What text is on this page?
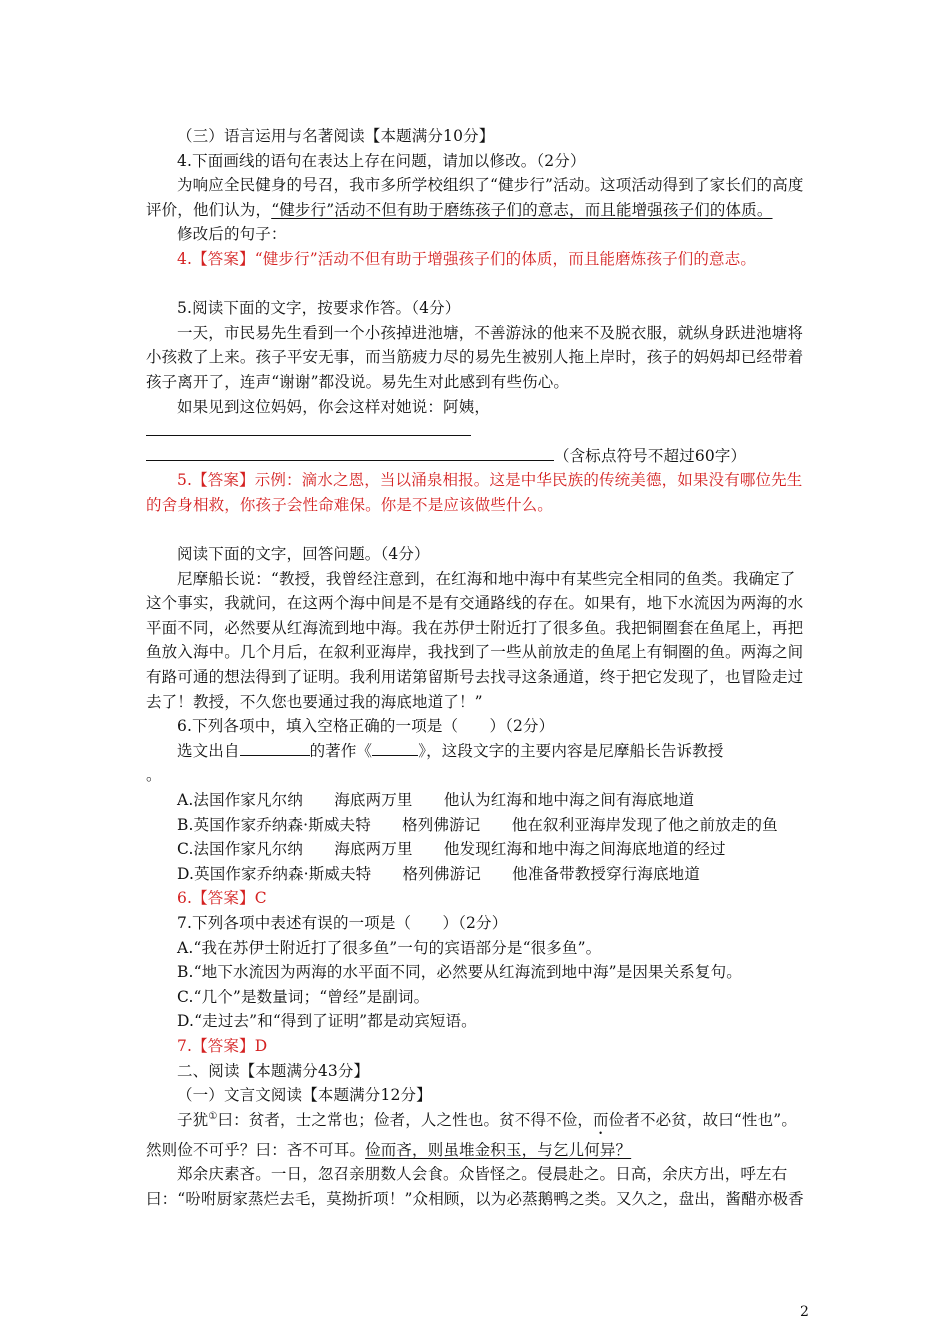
（三）语言运用与名著阅读【本题满分10分】

4.下面画线的语句在表达上存在问题，请加以修改。（2分）

为响应全民健身的号召，我市多所学校组织了“健步行”活动。这项活动得到了家长们的高度评价，他们认为，“健步行”活动不但有助于磨练孩子们的意志，而且能增强孩子们的体质。

修改后的句子：

4.【答案】“健步行”活动不但有助于增强孩子们的体质，而且能磨炼孩子们的意志。

5.阅读下面的文字，按要求作答。（4分）

一天，市民易先生看到一个小孩掉进池塘，不善游泳的他来不及脱衣服，就纵身跃进池塘将小孩救了上来。孩子平安无事，而当筋疲力尽的易先生被别人拖上岸时，孩子的妈妈却已经带着孩子离开了，连声“谢谢”都没说。易先生对此感到有些伤心。

如果见到这位妈妈，你会这样对她说：阿姨，

（含标点符号不超过60字）

5.【答案】示例：滴水之恩，当以涌泉相报。这是中华民族的传统美德，如果没有哪位先生的舍身相救，你孩子会性命难保。你是不是应该做些什么。

阅读下面的文字，回答问题。（4分）

尼摩船长说：“教授，我曾经注意到，在红海和地中海中有某些完全相同的鱼类。我确定了这个事实，我就问，在这两个海中间是不是有交通路线的存在。如果有，地下水流因为两海的水平面不同，必然要从红海流到地中海。我在苏伊士附近打了很多鱼。我把铜圈套在鱼尾上，再把鱼放入海中。几个月后，在叙利亚海岸，我找到了一些从前放走的鱼尾上有铜圈的鱼。两海之间有路可通的想法得到了证明。我利用诺第留斯号去找寻这条通道，终于把它发现了，也冒险走过去了！教授，不久您也要通过我的海底地道了！”

6.下列各项中，填入空格正确的一项是（　　）（2分）

选文出自	的著作《	》，这段文字的主要内容是尼摩船长告诉教授

。

A.法国作家凡尔纳　　海底两万里　　他认为红海和地中海之间有海底地道

B.英国作家乔纳森·斯威夫特　　格列佛游记　　他在叙利亚海岸发现了他之前放走的鱼

C.法国作家凡尔纳　　海底两万里　　他发现红海和地中海之间海底地道的经过

D.英国作家乔纳森·斯威夫特　　格列佛游记　　他准备带教授穿行海底地道

6.【答案】C

7.下列各项中表述有误的一项是（　　）（2分）

A.“我在苏伊士附近打了很多鱼”一句的宾语部分是“很多鱼”。

B.“地下水流因为两海的水平面不同，必然要从红海流到地中海”是因果关系复句。

C.“几个”是数量词；“曾经”是副词。

D.“走过去”和“得到了证明”都是动宾短语。

7.【答案】D

二、阅读【本题满分43分】

（一）文言文阅读【本题满分12分】

子犹①曰：贫者，士之常也；俭者，人之性也。贫不得不俭，而俭者不必贫，故曰“性也”。然则俭不可乎？曰：吝不可耳。俭而吝，则虽堆金积玉，与乞儿何异？

郑余庆素吝。一日，忽召亲朋数人会食。众皆怪之。侵晨赴之。日高，余庆方出，呼左右曰：“吩咐厨家蒸烂去毛，莫拗折项！”众相顾，以为必蒸鹅鸭之类。又久之，盘出，酱醋亦极香

2
